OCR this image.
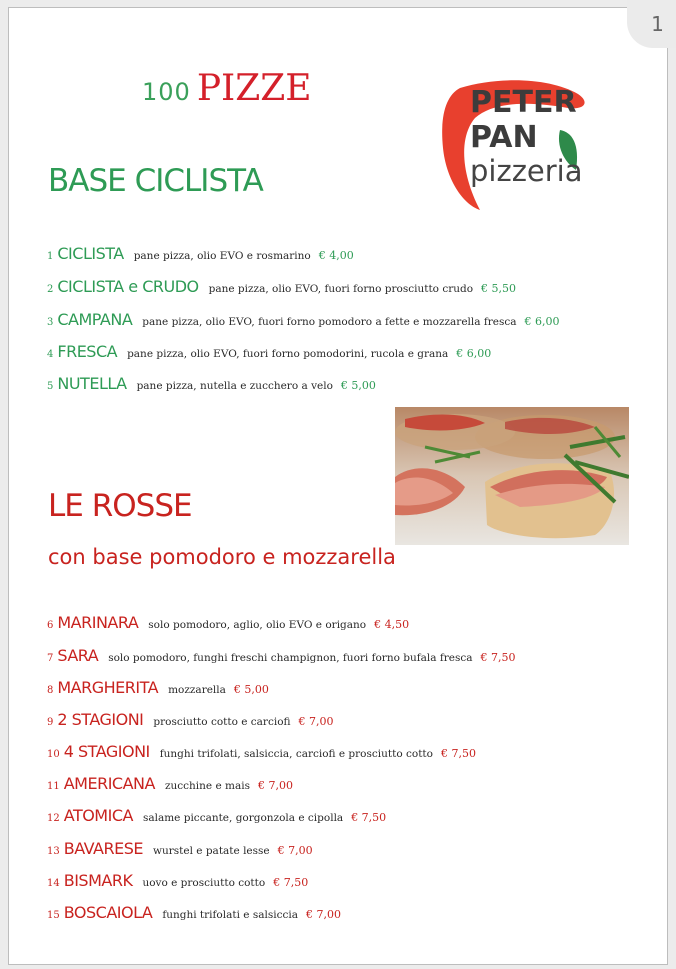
1
100 PIZZE	PETER
PAN
pizzeria
BASE CICLISTA
1 CICLISTA pane pizza, olio EVO e rosmarino € 4,00
2 CICLISTA e CRUDO pane pizza, olio EVO, fuori forno prosciutto crudo € 5,50
3 CAMPANA pane pizza, olio EVO, fuori forno pomodoro a fette e mozzarella fresca € 6,00
4 FRESCA pane pizza, olio EVO, fuori forno pomodorini, rucola e grana € 6,00
5 NUTELLA pane pizza, nutella e zucchero a velo € 5,00
LE ROSSE
con base pomodoro e mozzarella
6 MARINARA solo pomodoro, aglio, olio EVO e origano € 4,50
7 SARA solo pomodoro, funghi freschi champignon, fuori forno bufala fresca € 7,50
8 MARGHERITA mozzarella € 5,00
9 2 STAGIONI prosciutto cotto e carciofi € 7,00
10 4 STAGIONI funghi trifolati, salsiccia, carciofi e prosciutto cotto € 7,50
11 AMERICANA zucchine e mais € 7,00
12 ATOMICA salame piccante, gorgonzola e cipolla € 7,50
13 BAVARESE wurstel e patate lesse € 7,00
14 BISMARK uovo e prosciutto cotto € 7,50
15 BOSCAIOLA funghi trifolati e salsiccia € 7,00
